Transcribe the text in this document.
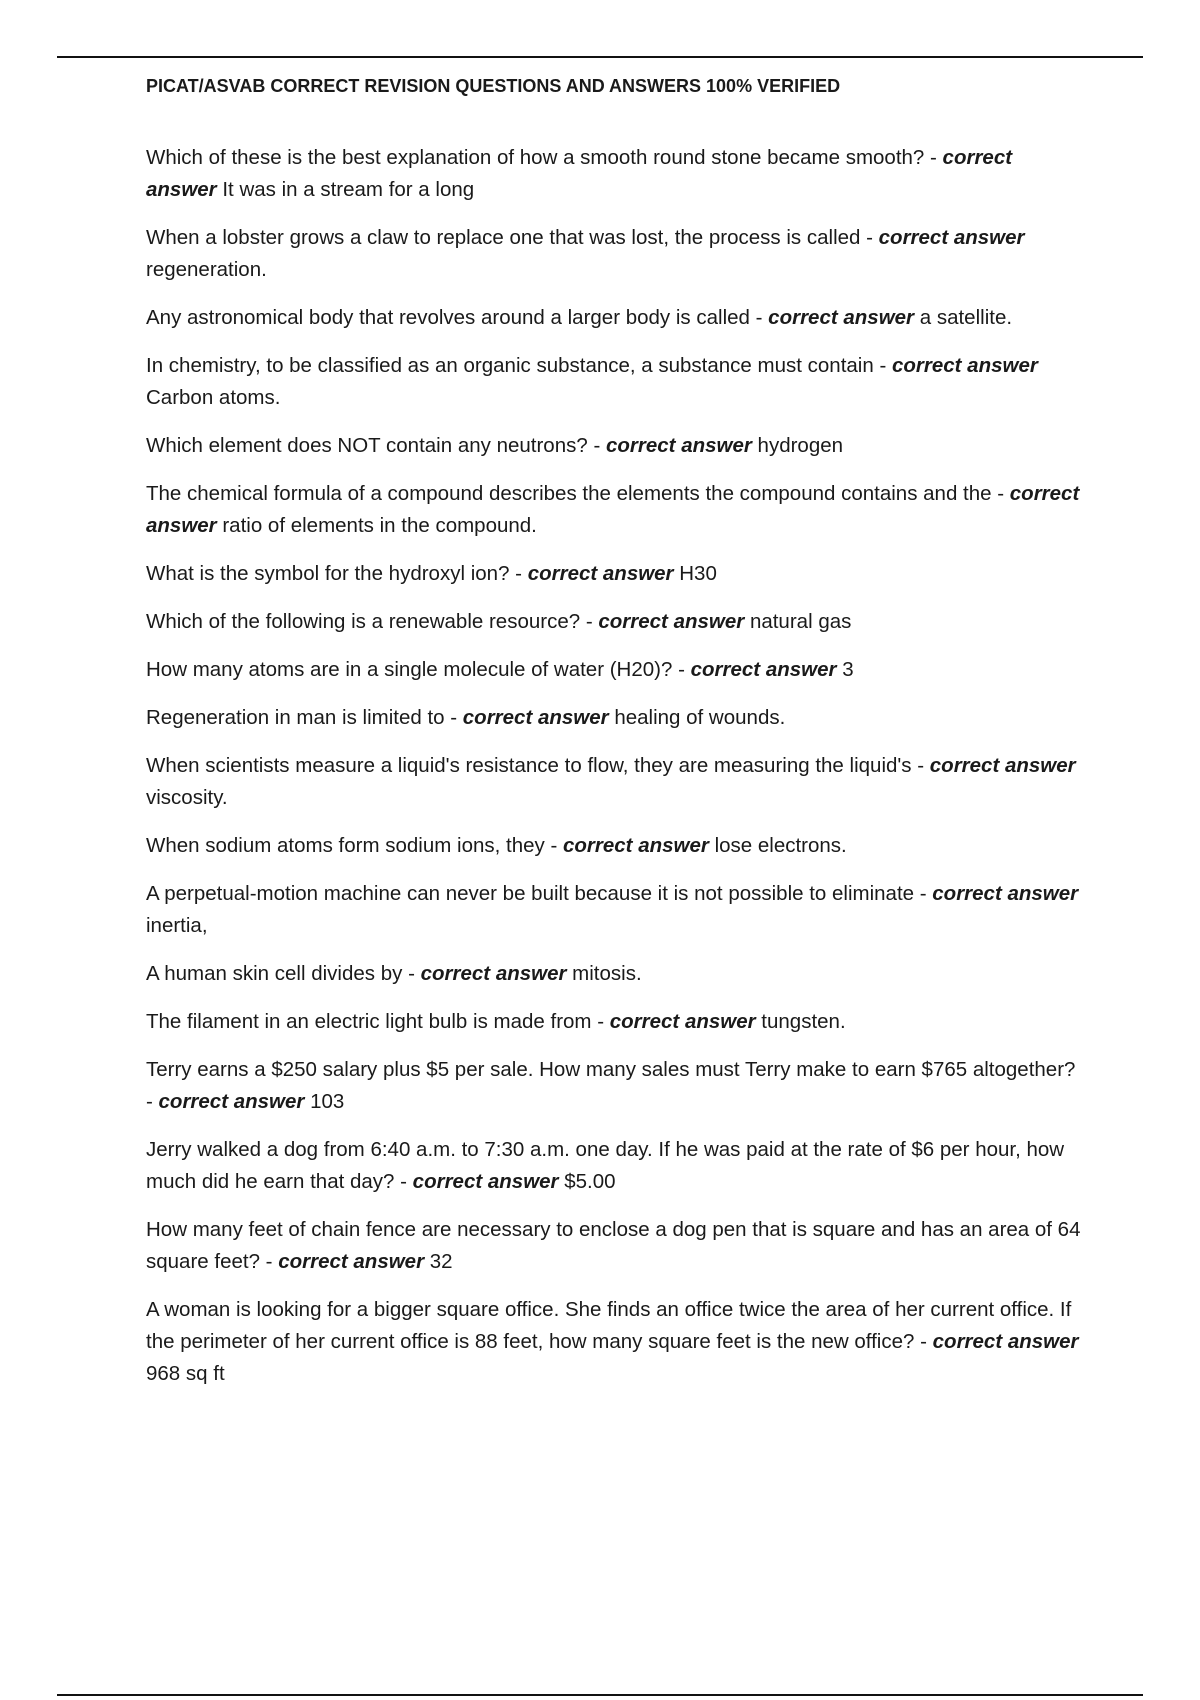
PICAT/ASVAB CORRECT REVISION QUESTIONS AND ANSWERS 100% VERIFIED
Which of these is the best explanation of how a smooth round stone became smooth? - correct answer It was in a stream for a long
When a lobster grows a claw to replace one that was lost, the process is called - correct answer regeneration.
Any astronomical body that revolves around a larger body is called - correct answer a satellite.
In chemistry, to be classified as an organic substance, a substance must contain - correct answer Carbon atoms.
Which element does NOT contain any neutrons? - correct answer hydrogen
The chemical formula of a compound describes the elements the compound contains and the - correct answer ratio of elements in the compound.
What is the symbol for the hydroxyl ion? - correct answer H30
Which of the following is a renewable resource? - correct answer natural gas
How many atoms are in a single molecule of water (H20)? - correct answer 3
Regeneration in man is limited to - correct answer healing of wounds.
When scientists measure a liquid's resistance to flow, they are measuring the liquid's - correct answer viscosity.
When sodium atoms form sodium ions, they - correct answer lose electrons.
A perpetual-motion machine can never be built because it is not possible to eliminate - correct answer inertia,
A human skin cell divides by - correct answer mitosis.
The filament in an electric light bulb is made from - correct answer tungsten.
Terry earns a $250 salary plus $5 per sale. How many sales must Terry make to earn $765 altogether? - correct answer 103
Jerry walked a dog from 6:40 a.m. to 7:30 a.m. one day. If he was paid at the rate of $6 per hour, how much did he earn that day? - correct answer $5.00
How many feet of chain fence are necessary to enclose a dog pen that is square and has an area of 64 square feet? - correct answer 32
A woman is looking for a bigger square office. She finds an office twice the area of her current office. If the perimeter of her current office is 88 feet, how many square feet is the new office? - correct answer 968 sq ft
